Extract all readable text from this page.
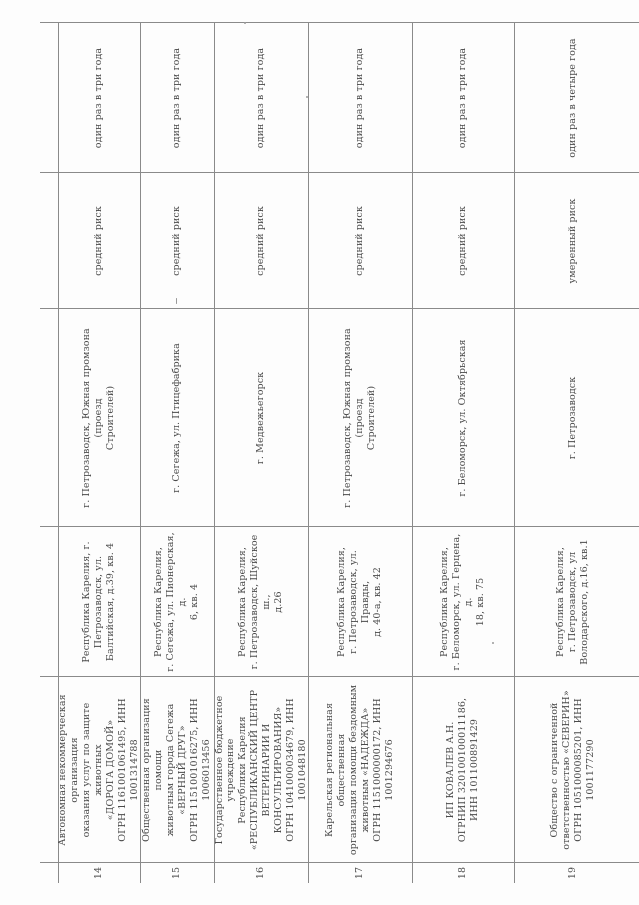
14
Автономная некоммерческая организация
оказания услуг по защите животных
«ДОРОГА ДОМОЙ»
ОГРН 1161001061495, ИНН 1001314788
Республика Карелия, г.
Петрозаводск, ул.
Балтийская, д.39, кв. 4
г. Петрозаводск, Южная промзона (проезд
Строителей)
средний риск
один раз в три года
15
Общественная организация помощи
животным города Сегежа
«ВЕРНЫЙ ДРУГ»
ОГРН 1151001016275, ИНН 1006013456
Республика Карелия,
г. Сегежа, ул. Пионерская, д.
6, кв. 4
г. Сегежа, ул. Птицефабрика
средний риск
один раз в три года
16
Государственное бюджетное учреждение
Республики Карелия
«РЕСПУБЛИКАНСКИЙ ЦЕНТР
ВЕТЕРИНАРИИ И
КОНСУЛЬТИРОВАНИЯ»
ОГРН 1041000034679, ИНН 1001048180
Республика Карелия,
г. Петрозаводск, Шуйское ш.,
д.26
г. Медвежьегорск
средний риск
один раз в три года
17
Карельская региональная общественная
организация помощи бездомным
животным «НАДЕЖДА»
ОГРН 1151000000172, ИНН 1001294676
Республика Карелия,
г. Петрозаводск, ул. Правды,
д. 40-а, кв. 42
г. Петрозаводск, Южная промзона (проезд
Строителей)
средний риск
один раз в три года
18
ИП КОВАЛЕВ А.Н.
ОГРНИП 320100100011186,
ИНН 101100891429
Республика Карелия,
г. Беломорск, ул. Герцена, д.
18, кв. 75
г. Беломорск, ул. Октябрьская
средний риск
один раз в три года
19
Общество с ограниченной
ответственностью «СЕВЕРИН»
ОГРН 1051000085201, ИНН 1001177290
Республика Карелия,
г. Петрозаводск, ул
Володарского, д.16, кв.1
г. Петрозаводск
умеренный риск
один раз в четыре года
